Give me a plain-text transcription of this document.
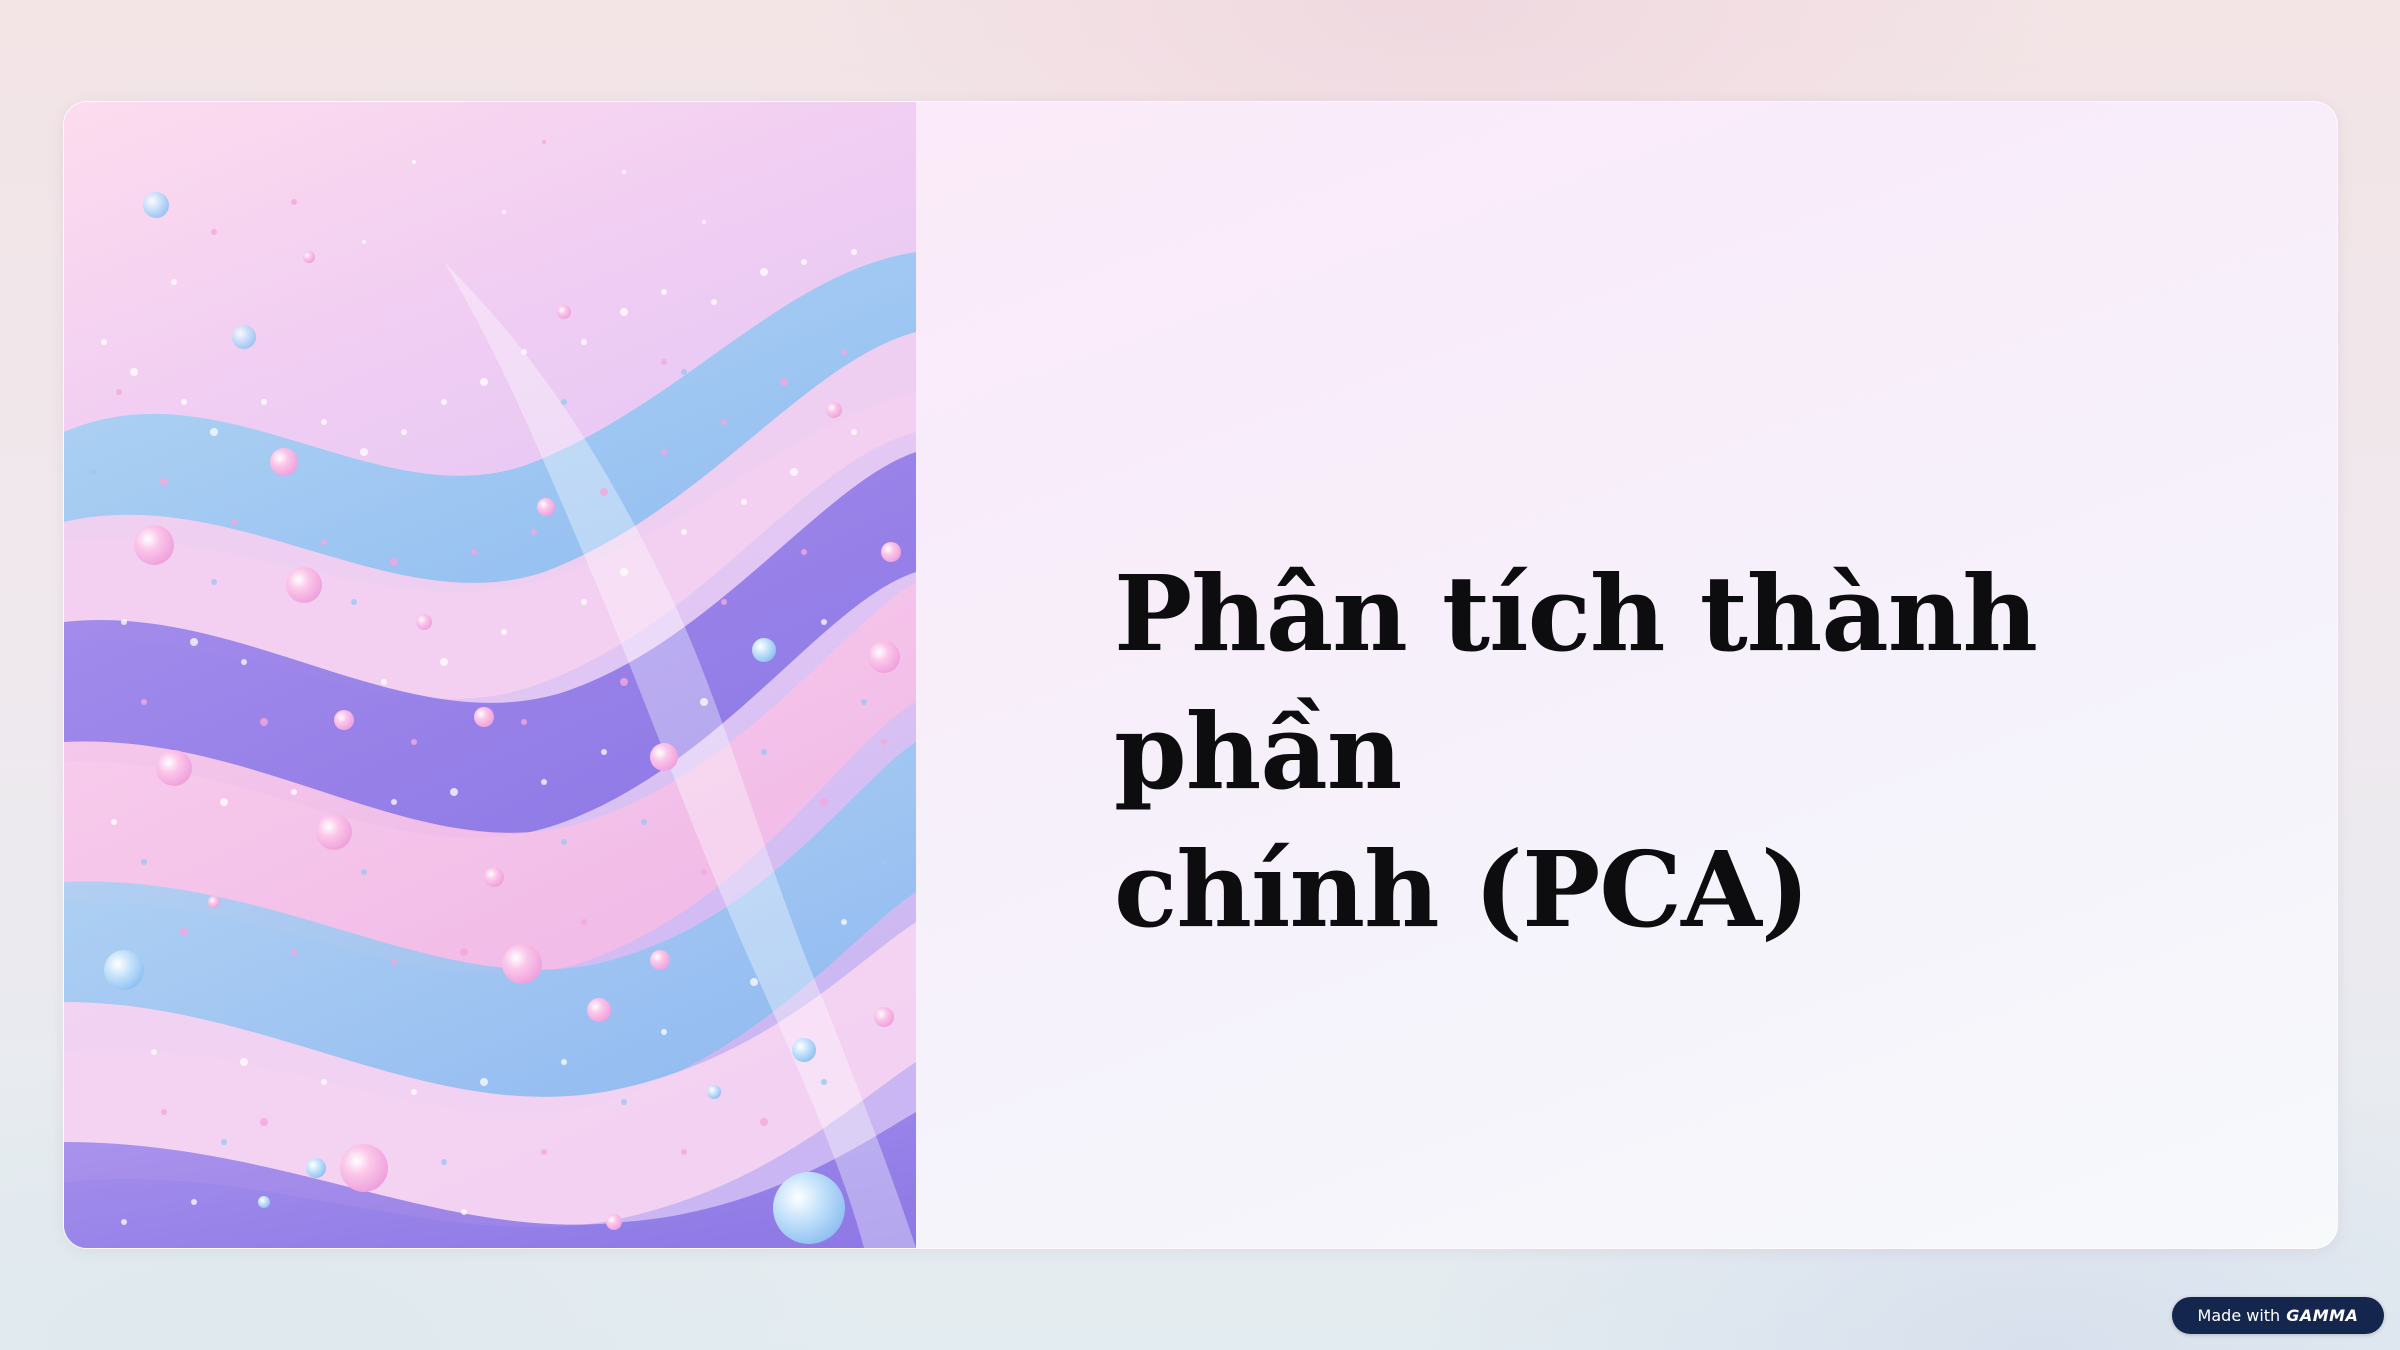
Phân tích thành phần
chính (PCA)
Made with GAMMA
